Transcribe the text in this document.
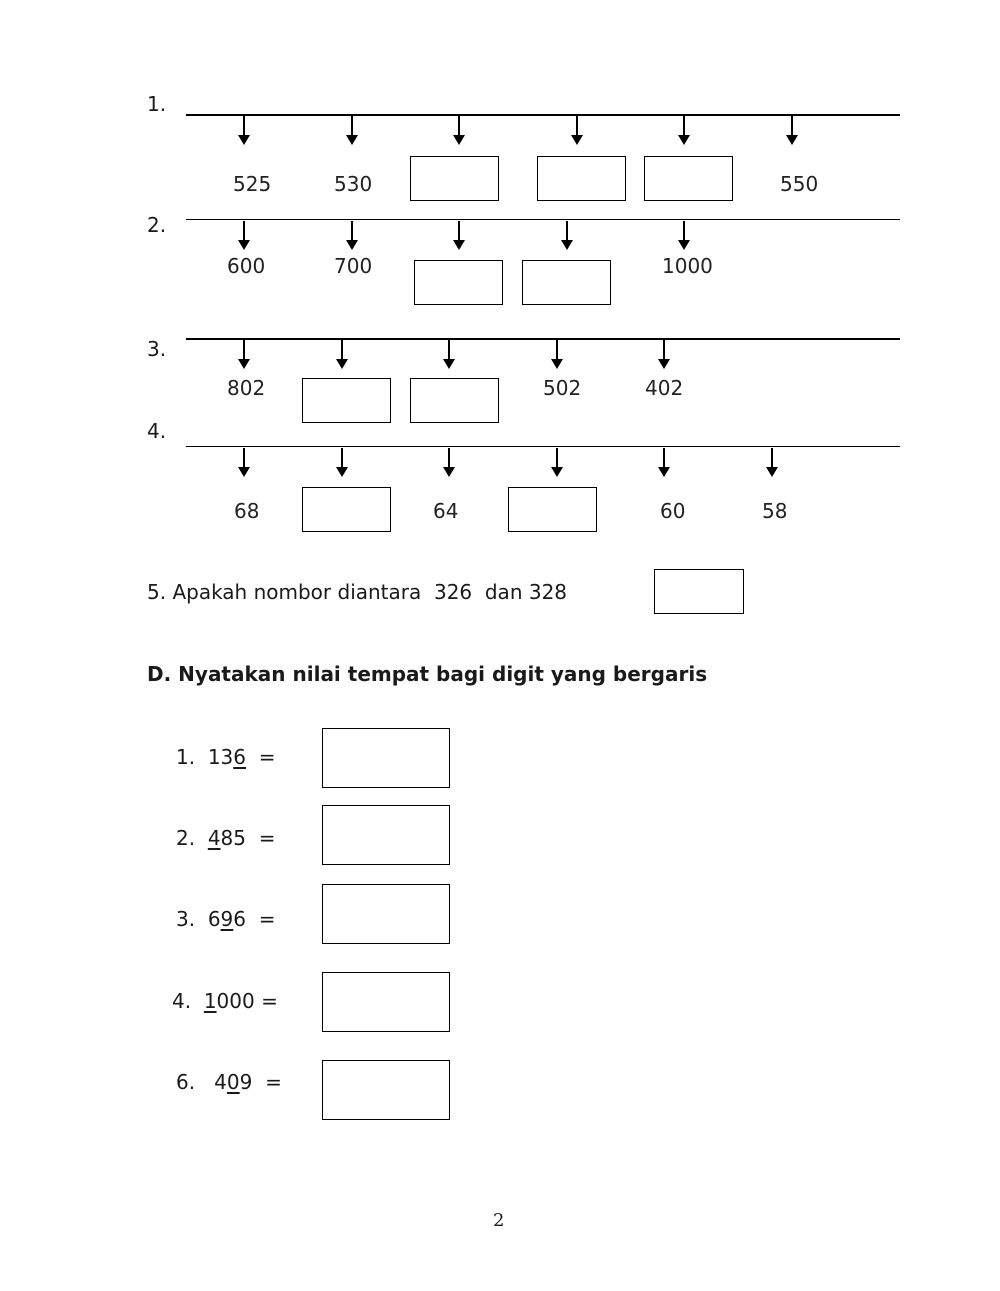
1.
525	530	550
2.
600	700	1000
3.
802	502	402
4.
68	64	60	58
5. Apakah nombor diantara  326  dan 328
D. Nyatakan nilai tempat bagi digit yang bergaris
1. 136 =
2. 485 =
3. 696 =
4. 1000 =
6. 409 =
2
